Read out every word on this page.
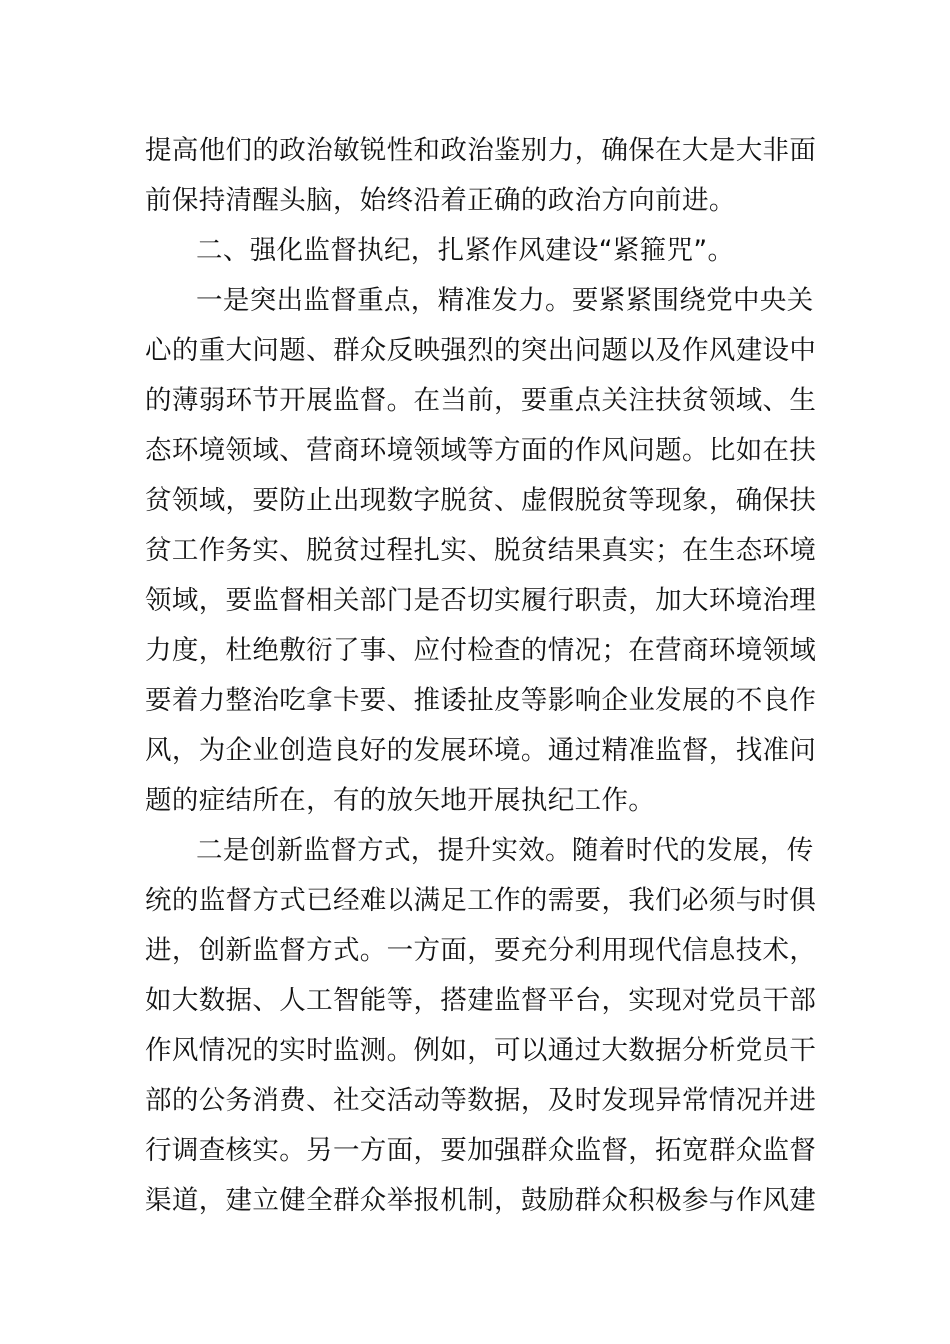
提高他们的政治敏锐性和政治鉴别力，确保在大是大非面
前保持清醒头脑，始终沿着正确的政治方向前进。
二、强化监督执纪，扎紧作风建设“紧箍咒”。
一是突出监督重点，精准发力。要紧紧围绕党中央关
心的重大问题、群众反映强烈的突出问题以及作风建设中
的薄弱环节开展监督。在当前，要重点关注扶贫领域、生
态环境领域、营商环境领域等方面的作风问题。比如在扶
贫领域，要防止出现数字脱贫、虚假脱贫等现象，确保扶
贫工作务实、脱贫过程扎实、脱贫结果真实；在生态环境
领域，要监督相关部门是否切实履行职责，加大环境治理
力度，杜绝敷衍了事、应付检查的情况；在营商环境领域
要着力整治吃拿卡要、推诿扯皮等影响企业发展的不良作
风，为企业创造良好的发展环境。通过精准监督，找准问
题的症结所在，有的放矢地开展执纪工作。
二是创新监督方式，提升实效。随着时代的发展，传
统的监督方式已经难以满足工作的需要，我们必须与时俱
进，创新监督方式。一方面，要充分利用现代信息技术，
如大数据、人工智能等，搭建监督平台，实现对党员干部
作风情况的实时监测。例如，可以通过大数据分析党员干
部的公务消费、社交活动等数据，及时发现异常情况并进
行调查核实。另一方面，要加强群众监督，拓宽群众监督
渠道，建立健全群众举报机制，鼓励群众积极参与作风建
